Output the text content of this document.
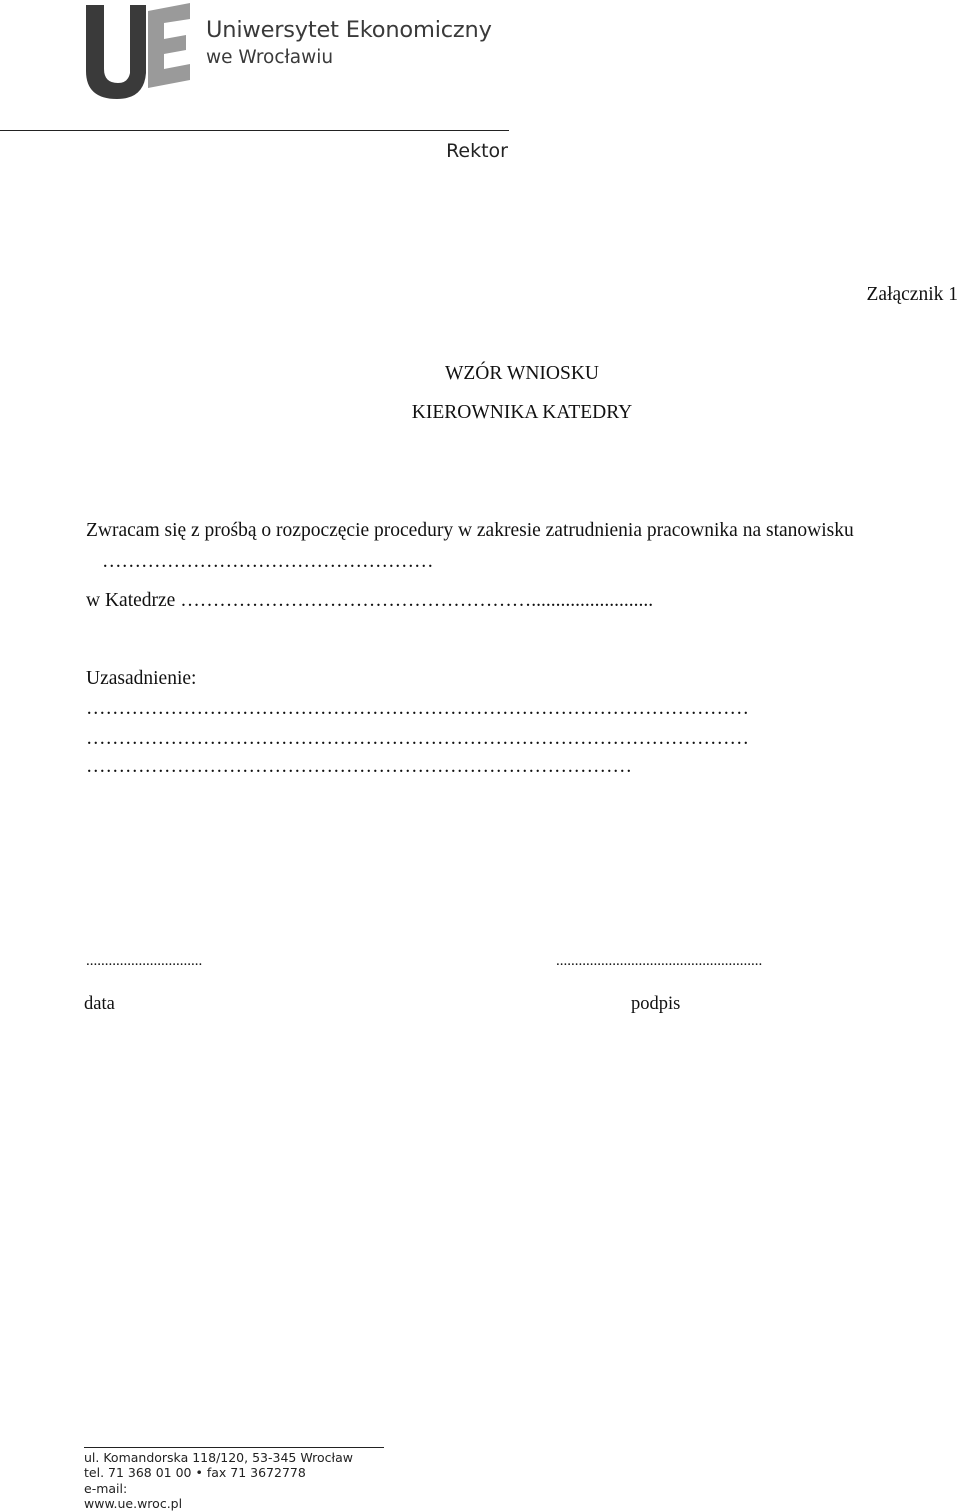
Uniwersytet Ekonomiczny
we Wrocławiu
Rektor
Załącznik 1
WZÓR WNIOSKU
KIEROWNIKA KATEDRY
Zwracam się z prośbą o rozpoczęcie procedury w zakresie zatrudnienia pracownika na stanowisku
……………………………………………
w Katedrze ……………………………………………….........................
Uzasadnienie:
…………………………………………………………………………………………
…………………………………………………………………………………………
…………………………………………………………………………
...............................	.......................................................
data	podpis
ul. Komandorska 118/120, 53-345 Wrocław
tel. 71 368 01 00 • fax 71 3672778
e-mail:
www.ue.wroc.pl
